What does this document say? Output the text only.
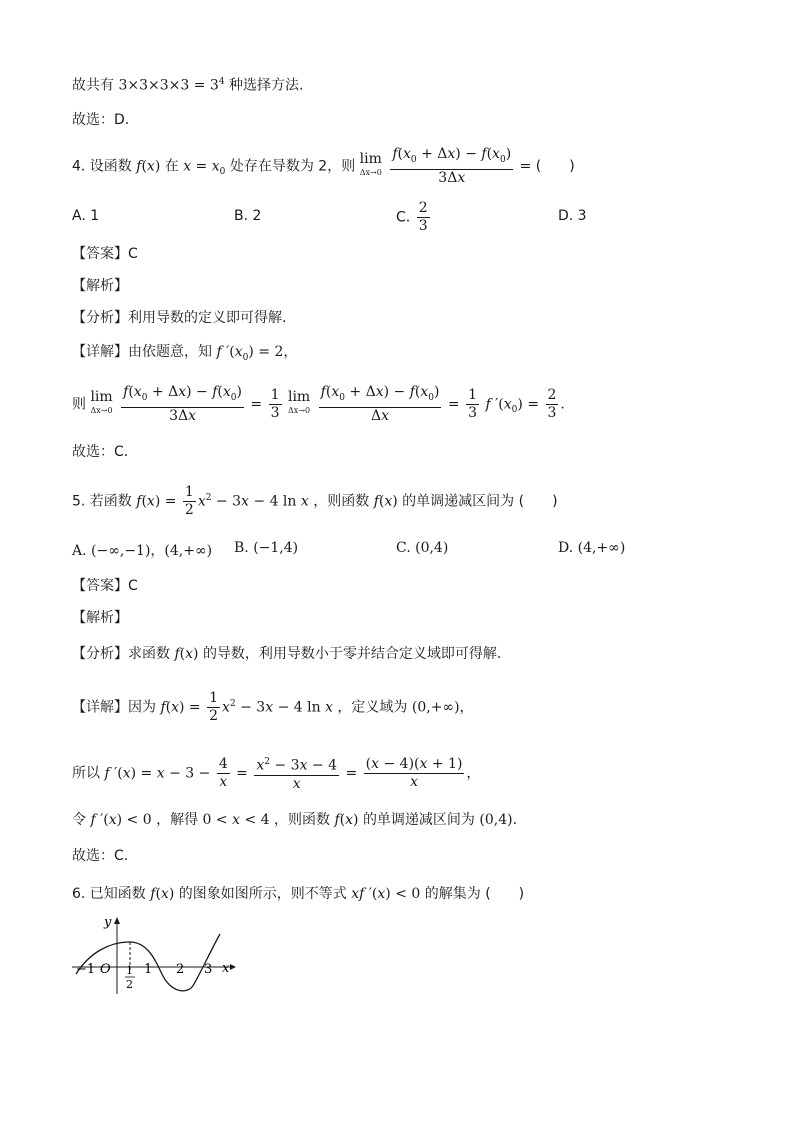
故共有 $3\times 3\times 3\times 3 = 3^4$ 种选择方法.
故选：D.
4. 设函数 f(x) 在 $x = x_0$ 处存在导数为 2，则 lim
Δx→0
$\frac{f(x_0 + \Delta x) - f(x_0)}{3\Delta x}$ = (　　)
A. 1	B. 2	C. $\frac{2}{3}$	D. 3
【答案】C
【解析】
【分析】利用导数的定义即可得解.
【详解】由依题意，知 f $'(x_0) = 2$，
则 lim
Δx→0
$\frac{f(x_0 + \Delta x) - f(x_0)}{3\Delta x} = \frac{1}{3}$
lim
Δx→0
$\frac{f(x_0 + \Delta x) - f(x_0)}{\Delta x} = \frac{1}{3}$ f $'(x_0) = \frac{2}{3}$ .
故选：C.
5. 若函数 $f(x) = \frac{1}{2} x^2 - 3x - 4$ ln x ，则函数 f(x) 的单调递减区间为 (　　)
A. (−∞,−1)，(4,+∞) B. (−1,4)	C. (0,4)	D. (4,+∞)
【答案】C
【解析】
【分析】求函数 f(x) 的导数，利用导数小于零并结合定义域即可得解.
【详解】因为 $f(x) = \frac{1}{2} x^2 - 3x - 4$ ln x ，定义域为 (0,+∞)，
所以 f $'(x) = x - 3 - \frac{4}{x} = \frac{x^2 - 3x - 4}{x} = \frac{(x - 4)(x + 1)}{x}$ ，
令 f ′(x) < 0 ，解得 0 < x < 4 ，则函数 f(x) 的单调递减区间为 (0,4).
故选：C.
6. 已知函数 f(x) 的图象如图所示，则不等式 xf ′(x) < 0 的解集为 (　　)
y
x
O
−1	1 2 3
1
2
